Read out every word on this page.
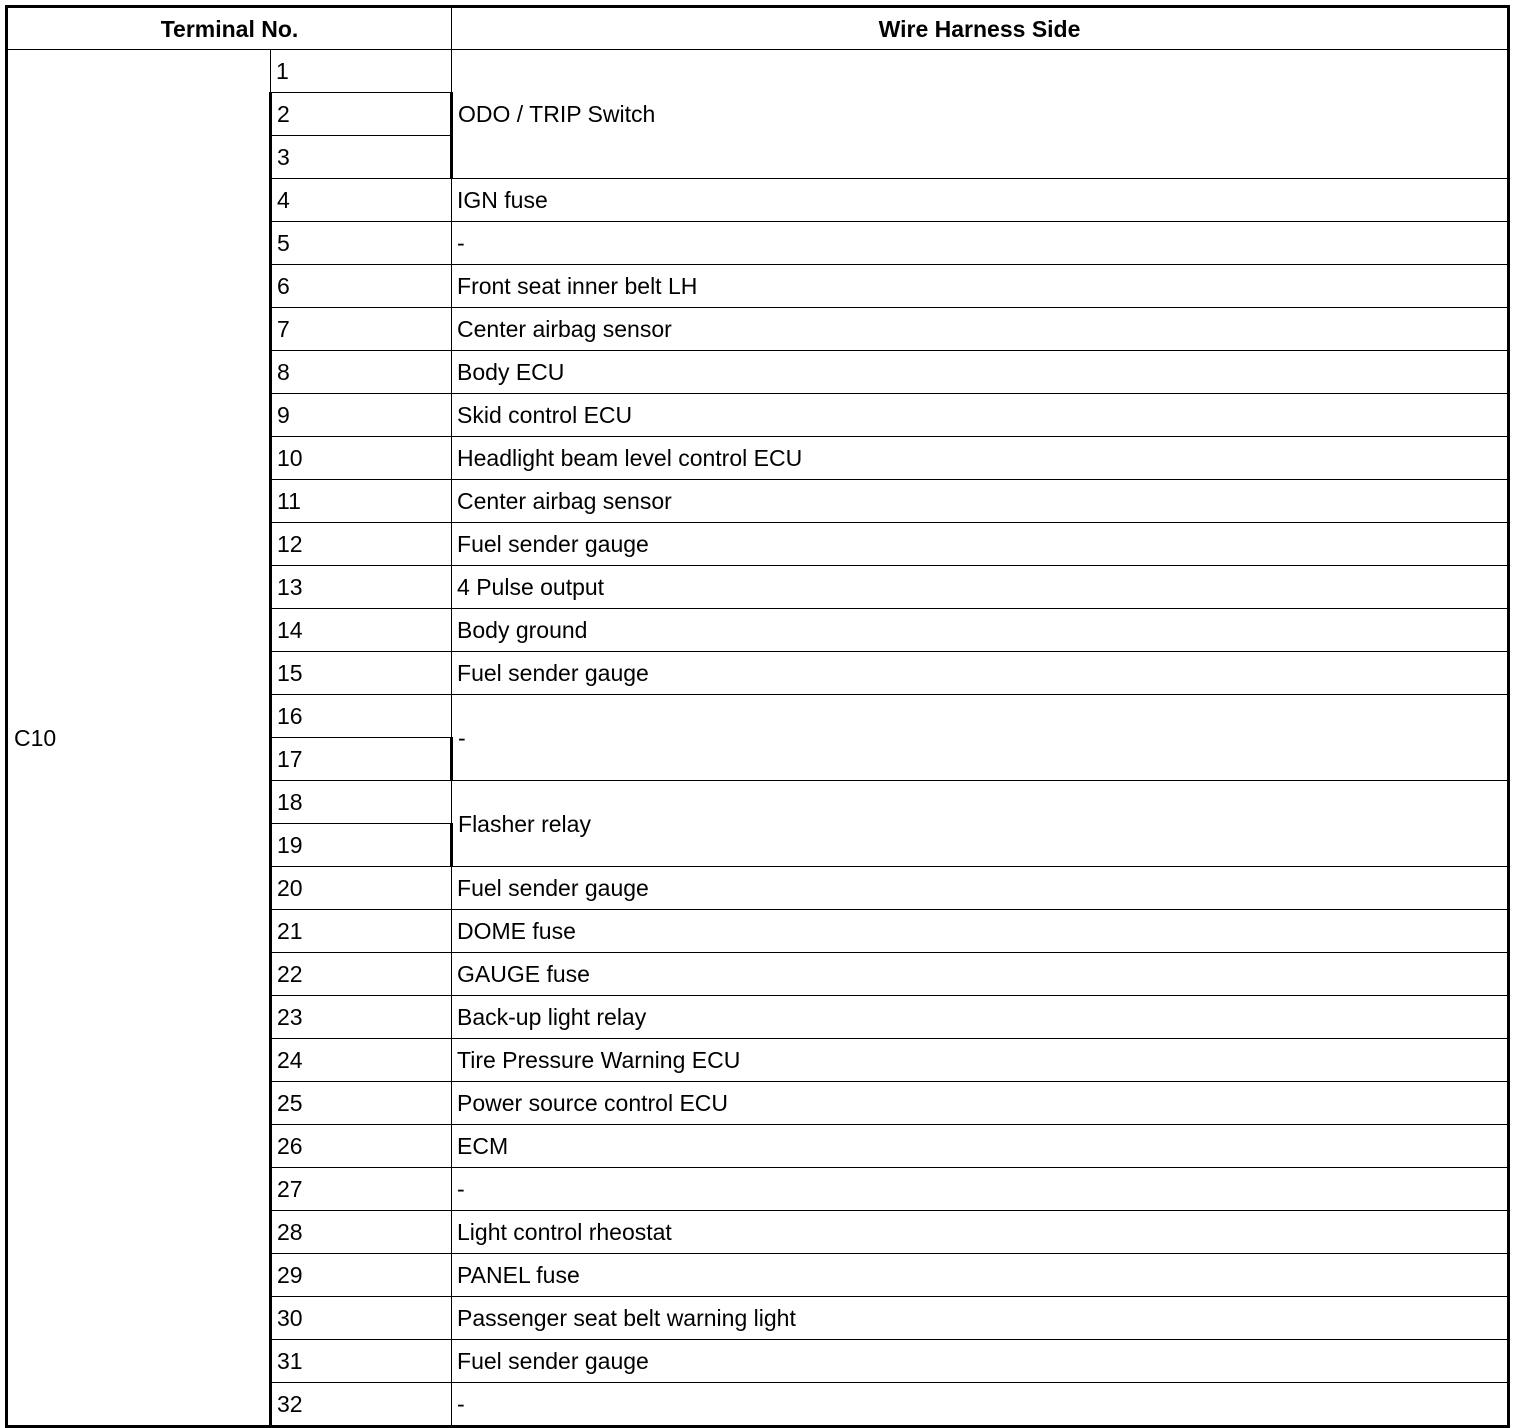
Terminal No.		Wire Harness Side
C10	1	ODO / TRIP Switch
	2	
	3	
	4	IGN fuse
	5	-
	6	Front seat inner belt LH
	7	Center airbag sensor
	8	Body ECU
	9	Skid control ECU
	10	Headlight beam level control ECU
	11	Center airbag sensor
	12	Fuel sender gauge
	13	4 Pulse output
	14	Body ground
	15	Fuel sender gauge
	16	-
	17	
	18	Flasher relay
	19	
	20	Fuel sender gauge
	21	DOME fuse
	22	GAUGE fuse
	23	Back-up light relay
	24	Tire Pressure Warning ECU
	25	Power source control ECU
	26	ECM
	27	-
	28	Light control rheostat
	29	PANEL fuse
	30	Passenger seat belt warning light
	31	Fuel sender gauge
	32	-
